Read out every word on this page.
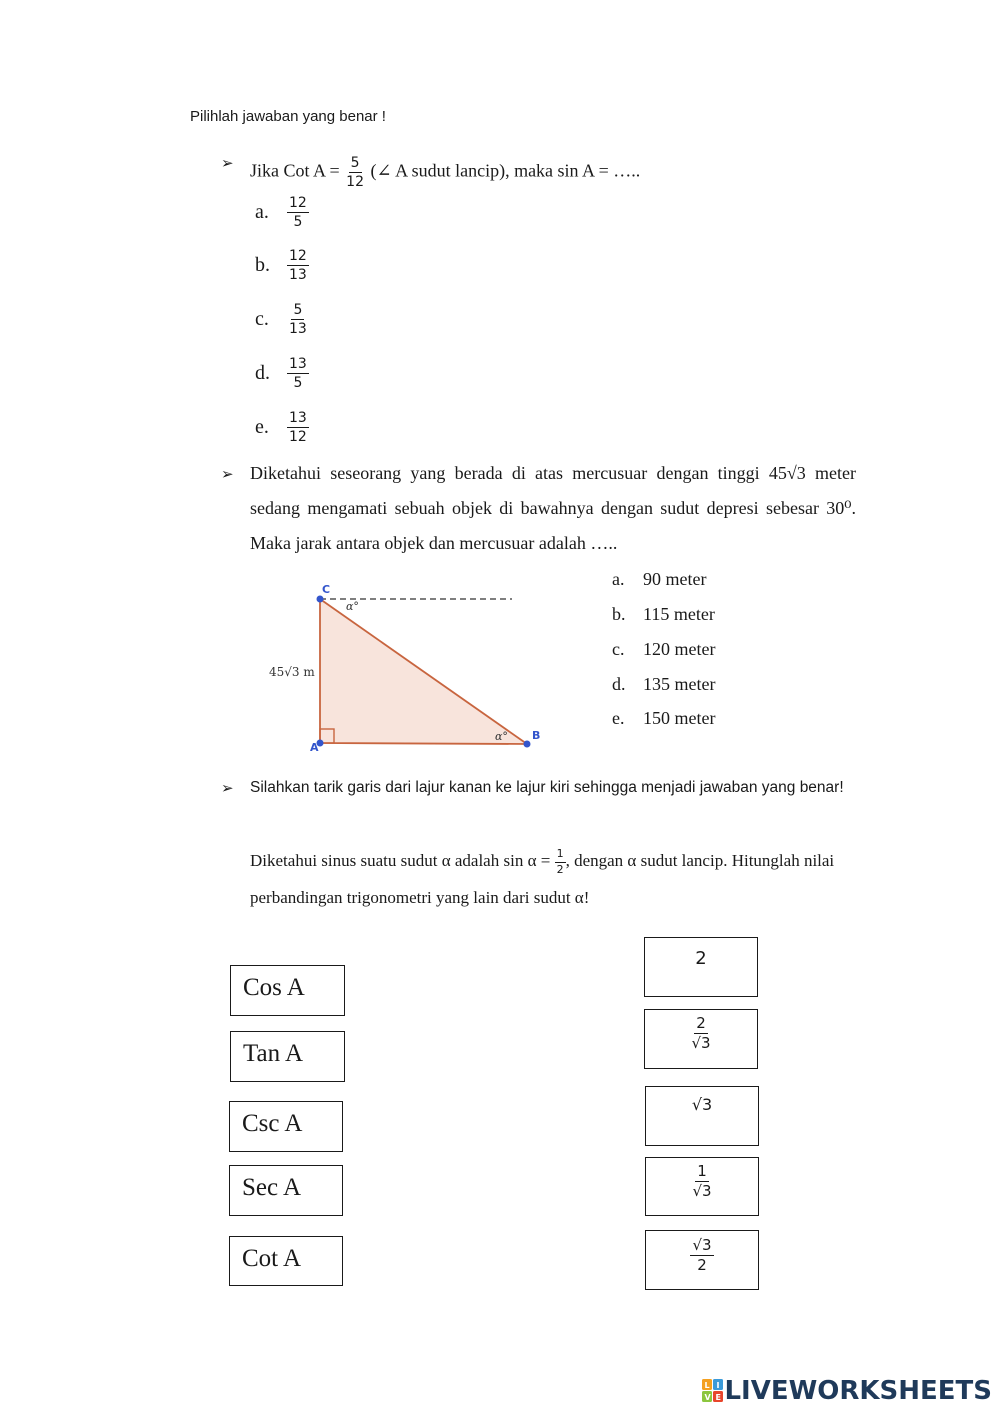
Pilihlah jawaban yang benar !
➢ Jika Cot $A = \frac{5}{12}$ (∠ A sudut lancip), maka sin A = …..
a.	$\frac{12}{5}$
b.	$\frac{12}{13}$
c.	$\frac{5}{13}$
d.	$\frac{13}{5}$
e.	$\frac{13}{12}$
➢ Diketahui seseorang yang berada di atas mercusuar dengan tinggi 45√3 meter sedang mengamati sebuah objek di bawahnya dengan sudut depresi sebesar 30⁰. Maka jarak antara objek dan mercusuar adalah …..
C
A
B
α°
α°
45√3 m
a.	90 meter
b. 115 meter
c.	120 meter
d. 135 meter
e.	150 meter
➢ Silahkan tarik garis dari lajur kanan ke lajur kiri sehingga menjadi jawaban yang benar!
Diketahui sinus suatu sudut α adalah $\sin \alpha = \frac{1}{2}$ , dengan α sudut lancip. Hitunglah nilai perbandingan trigonometri yang lain dari sudut α!
Cos A
Tan A
Csc A
Sec A
Cot A
2
$\frac{2}{√3}$
√3
$\frac{1}{√3}$
$\frac{√3}{2}$
L I
V E LIVEWORKSHEETS
